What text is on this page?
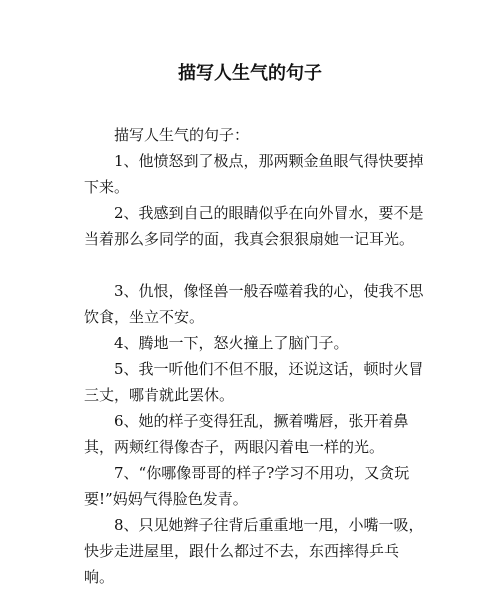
描写人生气的句子

描写人生气的句子：

1、他愤怒到了极点，那两颗金鱼眼气得快要掉下来。

2、我感到自己的眼睛似乎在向外冒水，要不是当着那么多同学的面，我真会狠狠扇她一记耳光。

3、仇恨，像怪兽一般吞噬着我的心，使我不思饮食，坐立不安。

4、腾地一下，怒火撞上了脑门子。

5、我一听他们不但不服，还说这话，顿时火冒三丈，哪肯就此罢休。

6、她的样子变得狂乱，撅着嘴唇，张开着鼻其，两颊红得像杏子，两眼闪着电一样的光。

7、“你哪像哥哥的样子?学习不用功，又贪玩要!”妈妈气得脸色发青。

8、只见她辫子往背后重重地一甩，小嘴一吸，快步走进屋里，跟什么都过不去，东西摔得乒乓响。
